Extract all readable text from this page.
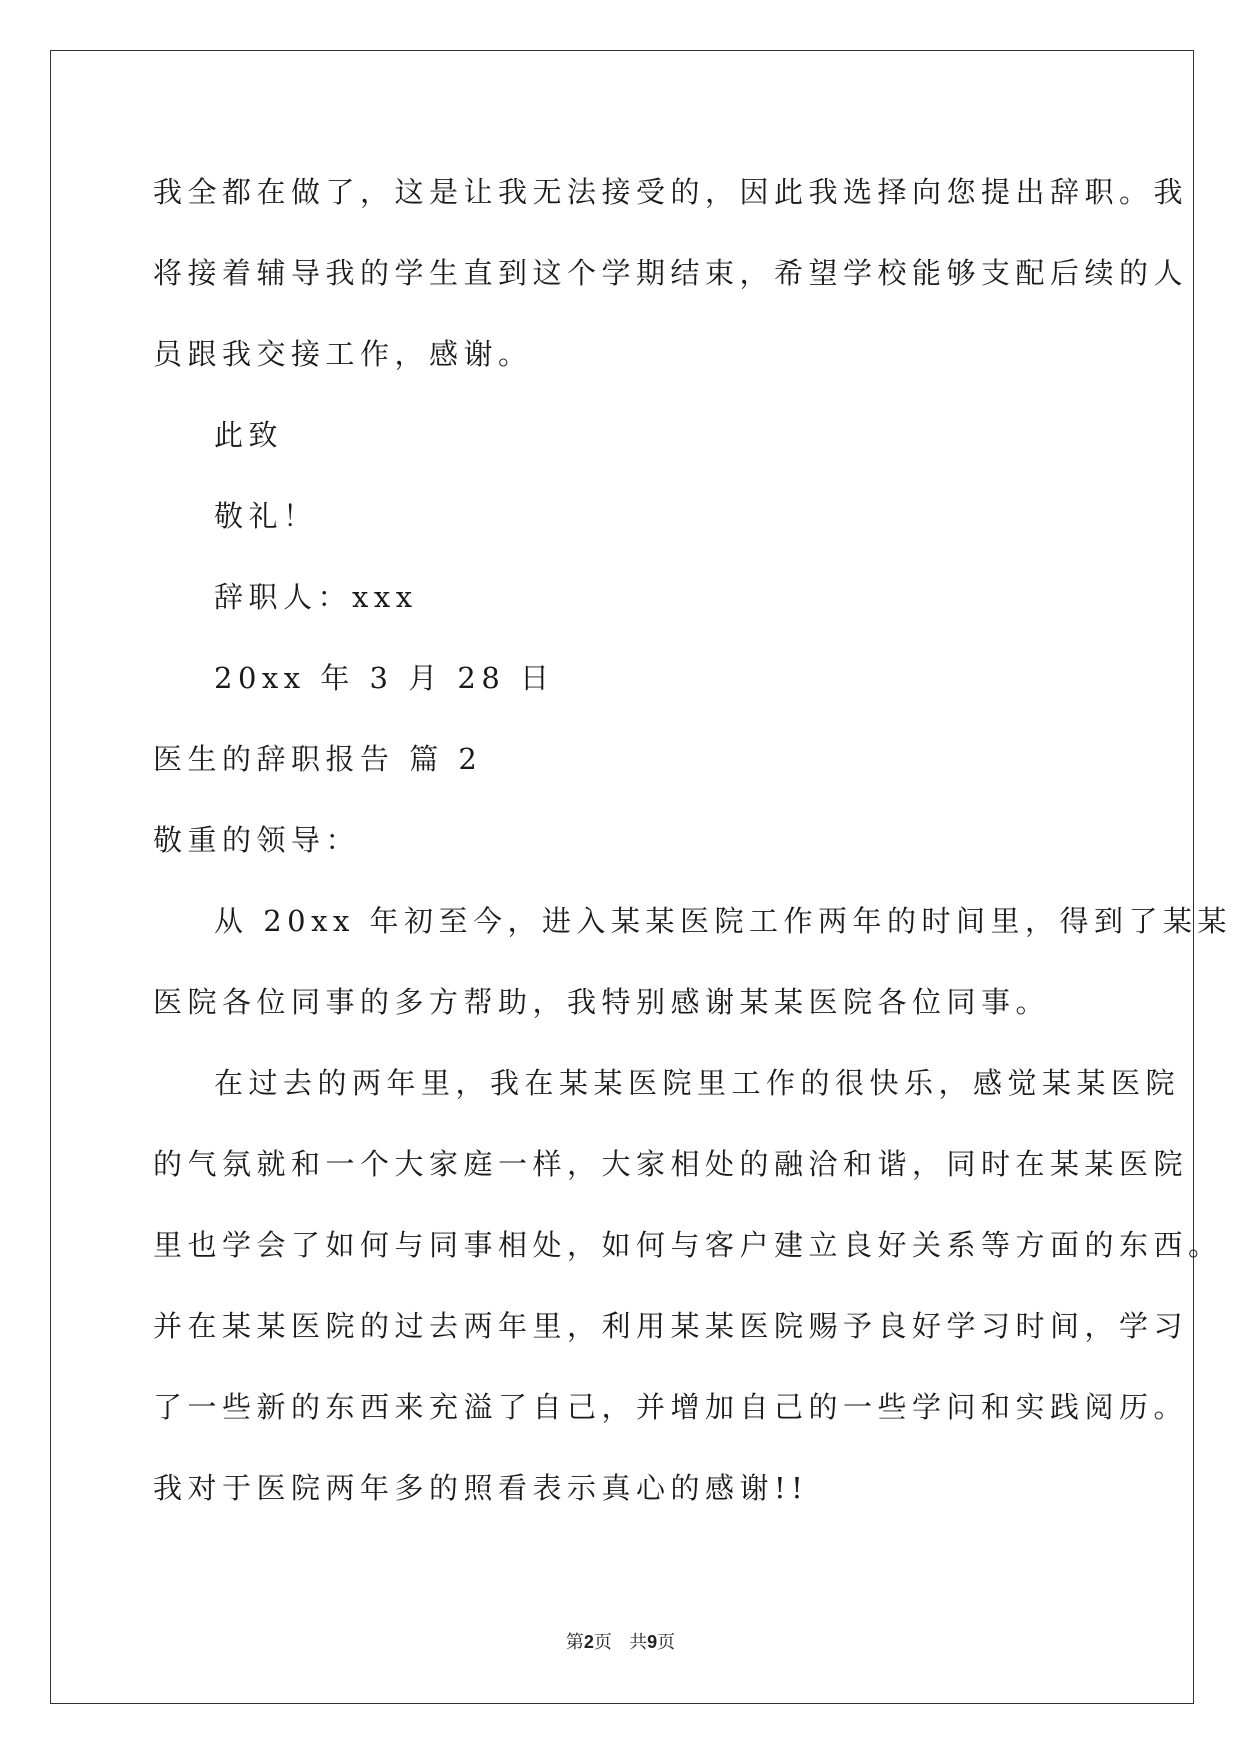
我全都在做了，这是让我无法接受的，因此我选择向您提出辞职。我
将接着辅导我的学生直到这个学期结束，希望学校能够支配后续的人
员跟我交接工作，感谢。
此致
敬礼！
辞职人：xxx
20xx 年 3 月 28 日
医生的辞职报告 篇 2
敬重的领导：
从 20xx 年初至今，进入某某医院工作两年的时间里，得到了某某
医院各位同事的多方帮助，我特别感谢某某医院各位同事。
在过去的两年里，我在某某医院里工作的很快乐，感觉某某医院
的气氛就和一个大家庭一样，大家相处的融洽和谐，同时在某某医院
里也学会了如何与同事相处，如何与客户建立良好关系等方面的东西。
并在某某医院的过去两年里，利用某某医院赐予良好学习时间，学习
了一些新的东西来充溢了自己，并增加自己的一些学问和实践阅历。
我对于医院两年多的照看表示真心的感谢!!
第2页 共9页
